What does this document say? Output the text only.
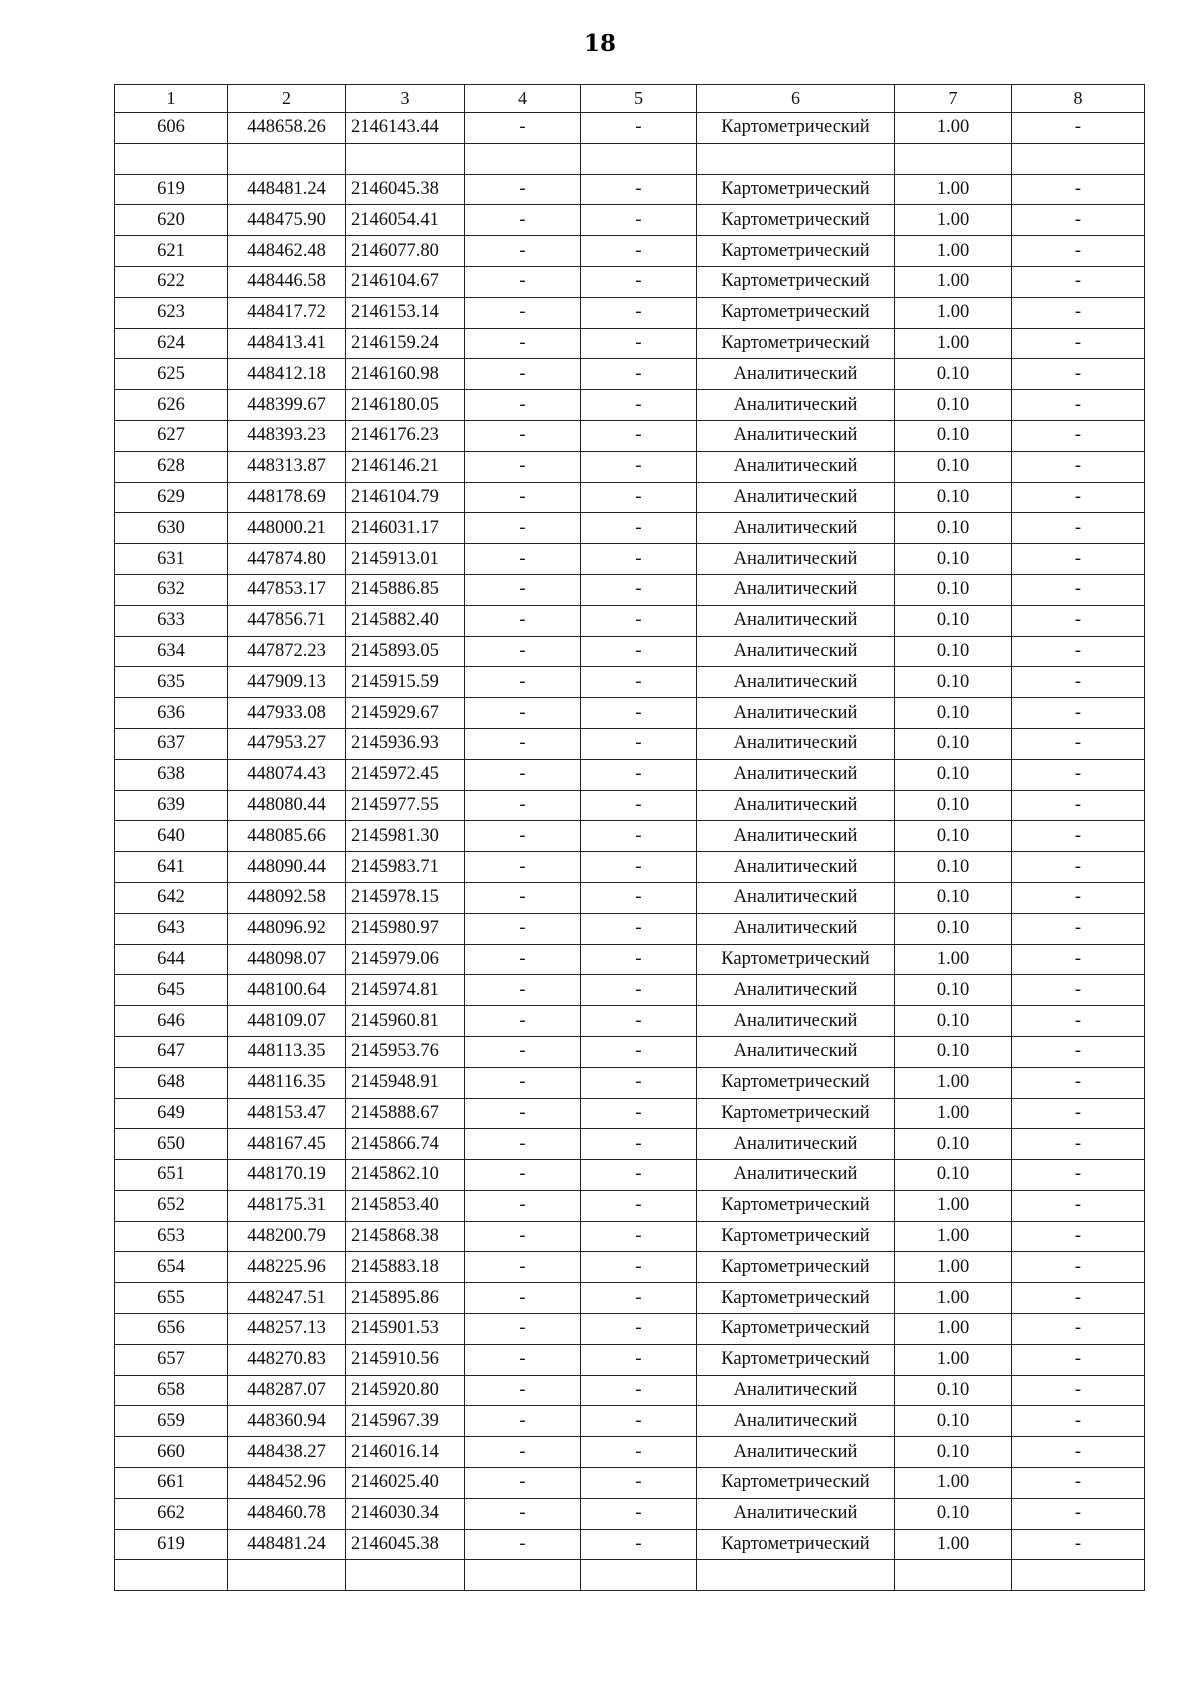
18
1	2	3	4	5	6	7	8
606	448658.26	2146143.44	-	-	Картометрический	1.00	-

619	448481.24	2146045.38	-	-	Картометрический	1.00	-
620	448475.90	2146054.41	-	-	Картометрический	1.00	-
621	448462.48	2146077.80	-	-	Картометрический	1.00	-
622	448446.58	2146104.67	-	-	Картометрический	1.00	-
623	448417.72	2146153.14	-	-	Картометрический	1.00	-
624	448413.41	2146159.24	-	-	Картометрический	1.00	-
625	448412.18	2146160.98	-	-	Аналитический	0.10	-
626	448399.67	2146180.05	-	-	Аналитический	0.10	-
627	448393.23	2146176.23	-	-	Аналитический	0.10	-
628	448313.87	2146146.21	-	-	Аналитический	0.10	-
629	448178.69	2146104.79	-	-	Аналитический	0.10	-
630	448000.21	2146031.17	-	-	Аналитический	0.10	-
631	447874.80	2145913.01	-	-	Аналитический	0.10	-
632	447853.17	2145886.85	-	-	Аналитический	0.10	-
633	447856.71	2145882.40	-	-	Аналитический	0.10	-
634	447872.23	2145893.05	-	-	Аналитический	0.10	-
635	447909.13	2145915.59	-	-	Аналитический	0.10	-
636	447933.08	2145929.67	-	-	Аналитический	0.10	-
637	447953.27	2145936.93	-	-	Аналитический	0.10	-
638	448074.43	2145972.45	-	-	Аналитический	0.10	-
639	448080.44	2145977.55	-	-	Аналитический	0.10	-
640	448085.66	2145981.30	-	-	Аналитический	0.10	-
641	448090.44	2145983.71	-	-	Аналитический	0.10	-
642	448092.58	2145978.15	-	-	Аналитический	0.10	-
643	448096.92	2145980.97	-	-	Аналитический	0.10	-
644	448098.07	2145979.06	-	-	Картометрический	1.00	-
645	448100.64	2145974.81	-	-	Аналитический	0.10	-
646	448109.07	2145960.81	-	-	Аналитический	0.10	-
647	448113.35	2145953.76	-	-	Аналитический	0.10	-
648	448116.35	2145948.91	-	-	Картометрический	1.00	-
649	448153.47	2145888.67	-	-	Картометрический	1.00	-
650	448167.45	2145866.74	-	-	Аналитический	0.10	-
651	448170.19	2145862.10	-	-	Аналитический	0.10	-
652	448175.31	2145853.40	-	-	Картометрический	1.00	-
653	448200.79	2145868.38	-	-	Картометрический	1.00	-
654	448225.96	2145883.18	-	-	Картометрический	1.00	-
655	448247.51	2145895.86	-	-	Картометрический	1.00	-
656	448257.13	2145901.53	-	-	Картометрический	1.00	-
657	448270.83	2145910.56	-	-	Картометрический	1.00	-
658	448287.07	2145920.80	-	-	Аналитический	0.10	-
659	448360.94	2145967.39	-	-	Аналитический	0.10	-
660	448438.27	2146016.14	-	-	Аналитический	0.10	-
661	448452.96	2146025.40	-	-	Картометрический	1.00	-
662	448460.78	2146030.34	-	-	Аналитический	0.10	-
619	448481.24	2146045.38	-	-	Картометрический	1.00	-
